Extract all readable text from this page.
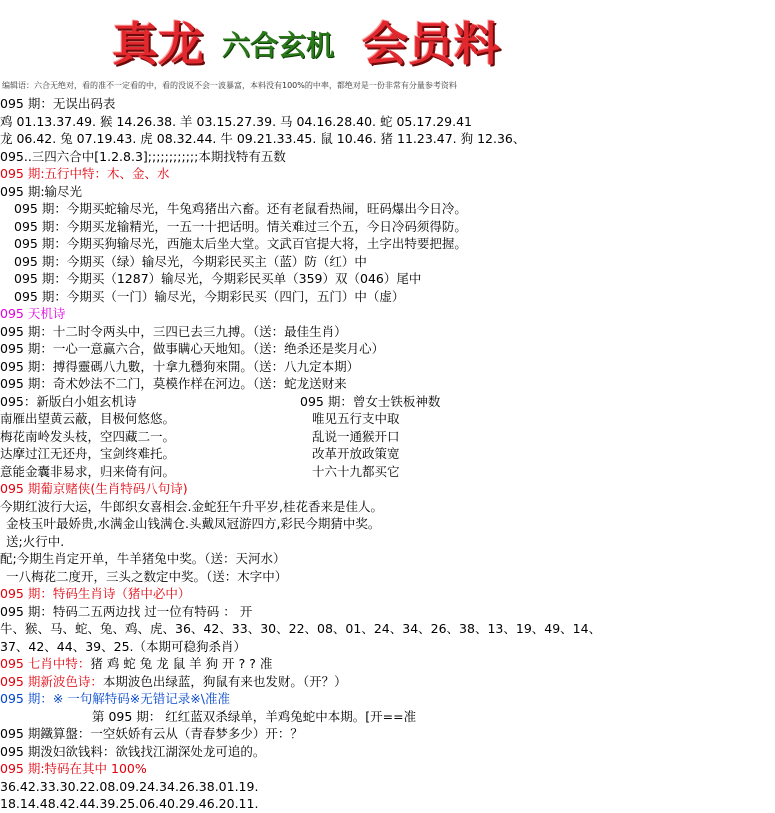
真龙 六合玄机 会员料
编辑语：六合无绝对，看的准不一定看的中，看的没说不会一波暴富，本料没有100%的中率，都绝对是一份非常有分量参考资料
095 期：无误出码表
鸡 01.13.37.49. 猴 14.26.38. 羊 03.15.27.39. 马 04.16.28.40. 蛇 05.17.29.41
龙 06.42. 兔 07.19.43. 虎 08.32.44. 牛 09.21.33.45. 鼠 10.46. 猪 11.23.47. 狗 12.36、
095..三四六合中[1.2.8.3];;;;;;;;;;;;本期找特有五数
095 期:五行中特：木、金、水
095 期:输尽光
095 期：今期买蛇输尽光，牛兔鸡猪出六畜。还有老鼠看热闹，旺码爆出今日冷。
095 期：今期买龙输精光，一五一十把话明。情关难过三个五，今日冷码须得防。
095 期：今期买狗输尽光，西施太后坐大堂。文武百官提大将，土字出特要把握。
095 期：今期买（绿）输尽光，今期彩民买主（蓝）防（红）中
095 期：今期买（1287）输尽光，今期彩民买单（359）双（046）尾中
095 期：今期买（一门）输尽光，今期彩民买（四门，五门）中（虚）
095 天机诗
095 期：十二时令两头中，三四已去三九搏。（送：最佳生肖）
095 期：一心一意赢六合，做事瞒心天地知。（送：绝杀还是奖月心）
095 期：搏得靈碼八九數，十拿九穩狗來開。（送：八九定本期）
095 期：奇术妙法不二门，莫模作样在河边。（送：蛇龙送财来
095：新版白小姐玄机诗	095 期：曾女士铁板神数
南雁出望黄云蔽，目极何悠悠。	唯见五行支中取
梅花南岭发头枝，空四藏二一。	乱说一通猴开口
达摩过江无还舟，宝剑终难托。	改革开放政策宽
意能金囊非易求，归来倚有问。	十六十九都买它
095 期葡京赌侠(生肖特码八句诗)
今期红波行大运，牛郎织女喜相会.金蛇狂午升平岁,桂花香来是佳人。
金枝玉叶最娇贵,水满金山钱满仓.头戴凤冠游四方,彩民今期猜中奖。
送;火行中.
配;今期生肖定开单，牛羊猪兔中奖。（送：天河水）
一八梅花二度开，三头之数定中奖。（送：木字中）
095 期：特码生肖诗（猪中必中）
095 期：特码二五两边找 过一位有特码 ： 开
牛、猴、马、蛇、兔、鸡、虎、36、42、33、30、22、08、01、24、34、26、38、13、19、49、14、
37、42、44、39、25.（本期可稳狗杀肖）
095 七肖中特：猪 鸡 蛇 兔 龙 鼠 羊 狗 开 ? ? 准
095 期新波色诗：本期波色出绿蓝，狗鼠有来也发财。（开？）
095 期：※ 一句解特码※无错记录※\准准
第 095 期： 红红蓝双杀绿单，羊鸡兔蛇中本期。[开==准
095 期鐵算盤：一空妖娇有云从（青春梦多少）开：？
095 期泼妇欲钱料：欲钱找江湖深处龙可追的。
095 期:特码在其中 100%
36.42.33.30.22.08.09.24.34.26.38.01.19.
18.14.48.42.44.39.25.06.40.29.46.20.11.
